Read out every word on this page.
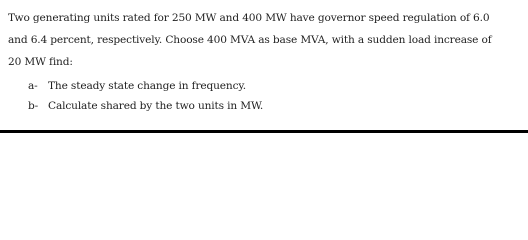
Two generating units rated for 250 MW and 400 MW have governor speed regulation of 6.0
and 6.4 percent, respectively. Choose 400 MVA as base MVA, with a sudden load increase of
20 MW find:
a- The steady state change in frequency.
b- Calculate shared by the two units in MW.
